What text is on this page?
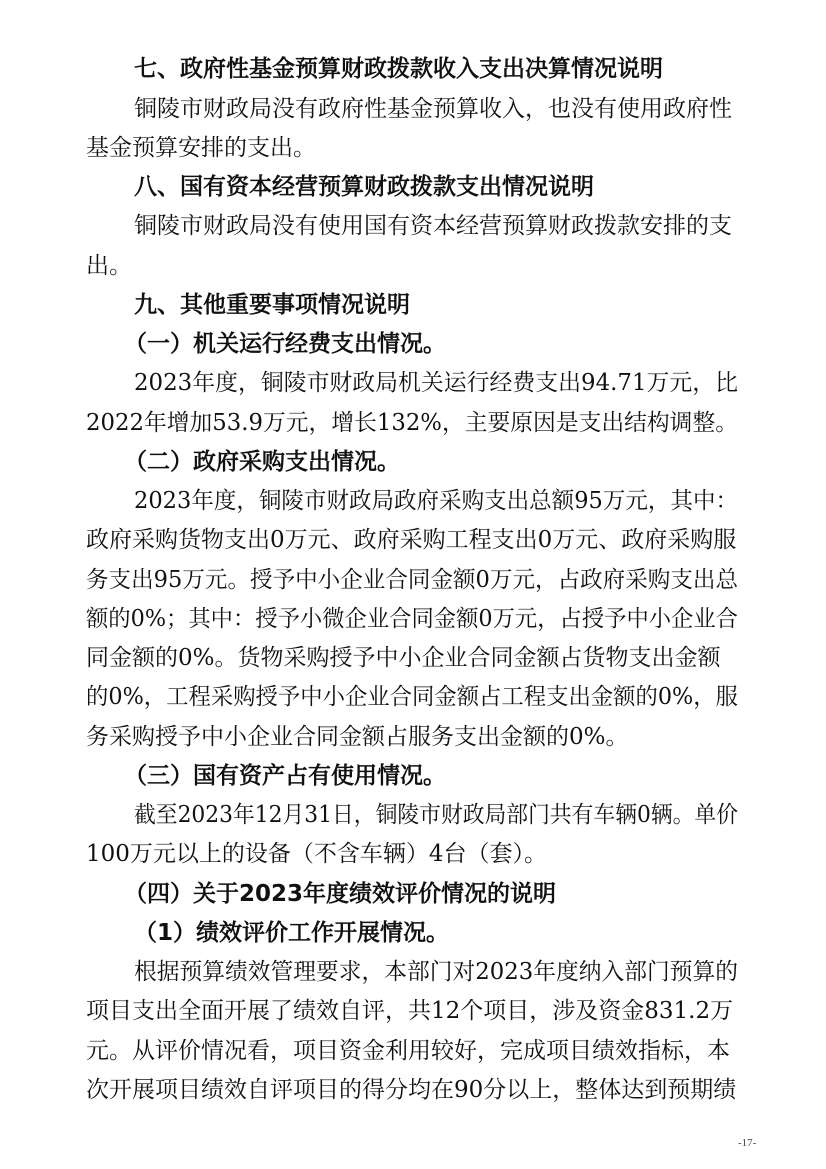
七、政府性基金预算财政拨款收入支出决算情况说明
铜陵市财政局没有政府性基金预算收入，也没有使用政府性
基金预算安排的支出。
八、国有资本经营预算财政拨款支出情况说明
铜陵市财政局没有使用国有资本经营预算财政拨款安排的支
出。
九、其他重要事项情况说明
（一）机关运行经费支出情况。
2023年度，铜陵市财政局机关运行经费支出94.71万元，比
2022年增加53.9万元，增长132%，主要原因是支出结构调整。
（二）政府采购支出情况。
2023年度，铜陵市财政局政府采购支出总额95万元，其中：
政府采购货物支出0万元、政府采购工程支出0万元、政府采购服
务支出95万元。授予中小企业合同金额0万元，占政府采购支出总
额的0%；其中：授予小微企业合同金额0万元，占授予中小企业合
同金额的0%。货物采购授予中小企业合同金额占货物支出金额
的0%，工程采购授予中小企业合同金额占工程支出金额的0%，服
务采购授予中小企业合同金额占服务支出金额的0%。
（三）国有资产占有使用情况。
截至2023年12月31日，铜陵市财政局部门共有车辆0辆。单价
100万元以上的设备（不含车辆）4台（套）。
（四）关于2023年度绩效评价情况的说明
（1）绩效评价工作开展情况。
根据预算绩效管理要求，本部门对2023年度纳入部门预算的
项目支出全面开展了绩效自评，共12个项目，涉及资金831.2万
元。从评价情况看，项目资金利用较好，完成项目绩效指标，本
次开展项目绩效自评项目的得分均在90分以上，整体达到预期绩
-17-
